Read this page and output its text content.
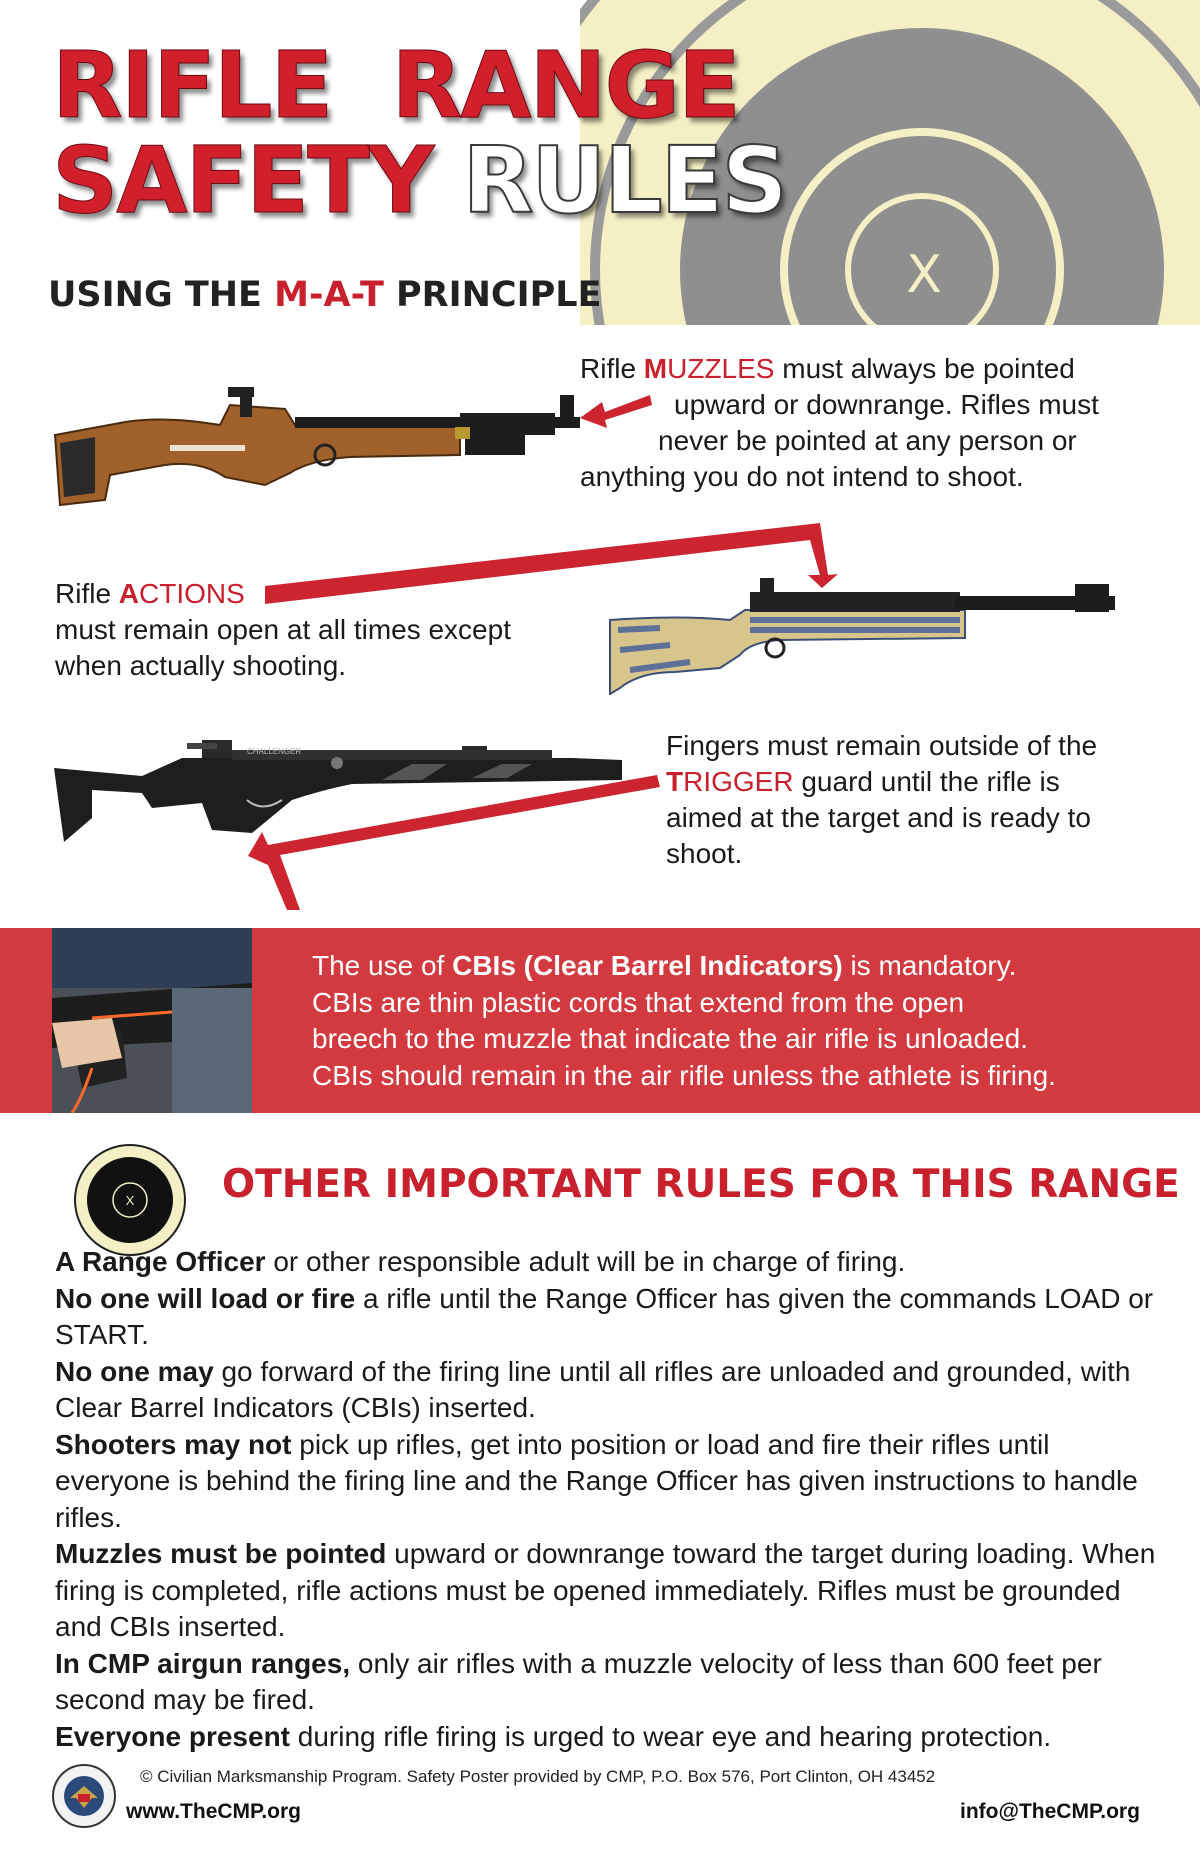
X
RIFLE  RANGE
SAFETY RULES
USING THE M-A-T PRINCIPLE
Rifle MUZZLES must always be pointed
upward or downrange. Rifles must
never be pointed at any person or
anything you do not intend to shoot.
Rifle ACTIONS
must remain open at all times except
when actually shooting.
CHALLENGER	Fingers must remain outside of the
TRIGGER guard until the rifle is
aimed at the target and is ready to
shoot.
The use of CBIs (Clear Barrel Indicators) is mandatory.
CBIs are thin plastic cords that extend from the open
breech to the muzzle that indicate the air rifle is unloaded.
CBIs should remain in the air rifle unless the athlete is firing.
X OTHER IMPORTANT RULES FOR THIS RANGE
A Range Officer or other responsible adult will be in charge of firing.
No one will load or fire a rifle until the Range Officer has given the commands LOAD or START.
No one may go forward of the firing line until all rifles are unloaded and grounded, with Clear Barrel Indicators (CBIs) inserted.
Shooters may not pick up rifles, get into position or load and fire their rifles until everyone is behind the firing line and the Range Officer has given instructions to handle rifles.
Muzzles must be pointed upward or downrange toward the target during loading. When firing is completed, rifle actions must be opened immediately. Rifles must be grounded and CBIs inserted.
In CMP airgun ranges, only air rifles with a muzzle velocity of less than 600 feet per second may be fired.
Everyone present during rifle firing is urged to wear eye and hearing protection.
© Civilian Marksmanship Program. Safety Poster provided by CMP, P.O. Box 576, Port Clinton, OH 43452
www.TheCMP.org	info@TheCMP.org
